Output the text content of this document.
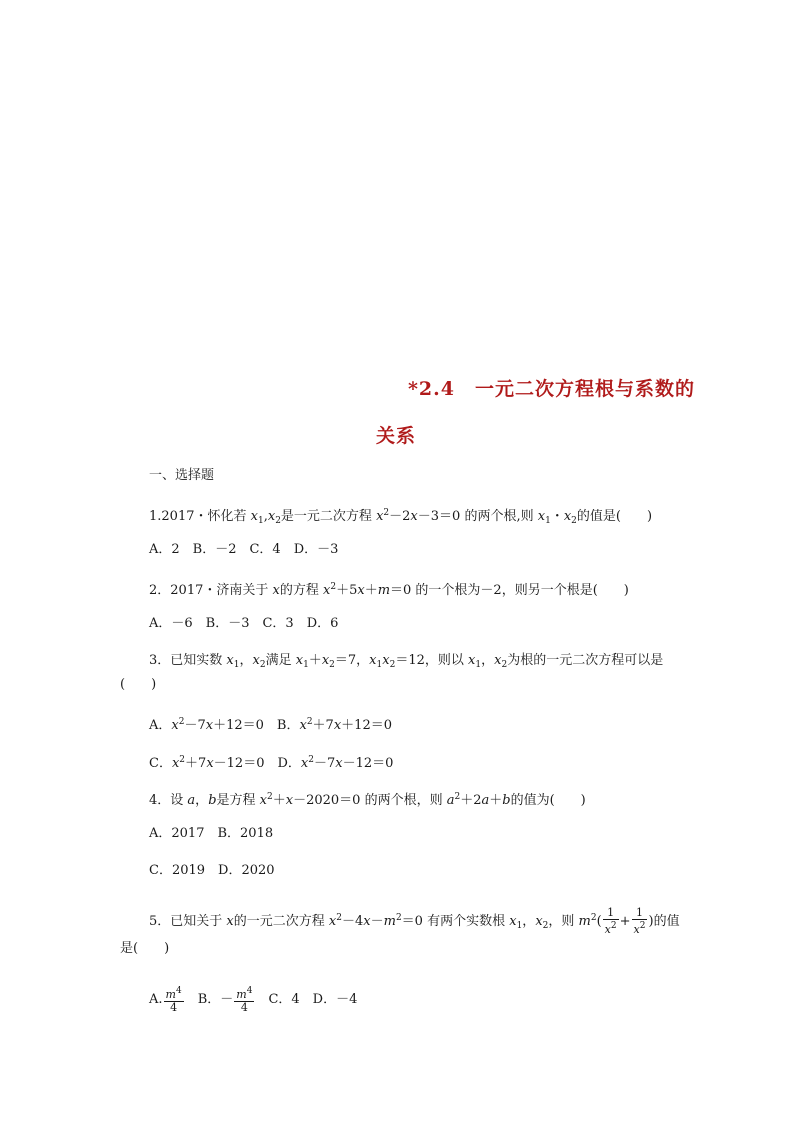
*2.4　一元二次方程根与系数的
关系
一、选择题
1.2017・怀化若 $x_1,x_2$是一元二次方程 $x^2-2x-3=0$ 的两个根,则 $x_1$・$x_2$的值是(　　)
A．2　B．－2　C．4　D．－3
2．2017・济南关于 x的方程 $x^2+5x+m=0$ 的一个根为－2，则另一个根是(　　)
A．－6　B．－3　C．3　D．6
3．已知实数 $x_1$，$x_2$满足 $x_1+x_2=7$，$x_1x_2=12$，则以 $x_1$，$x_2$为根的一元二次方程可以是
(　　)
A．$x^2-7x+12=0$　B．$x^2+7x+12=0$
C．$x^2+7x-12=0$　D．$x^2-7x-12=0$
4．设 a，b是方程 $x^2+x-2020=0$ 的两个根，则 $a^2+2a+b$的值为(　　)
A．2017　B．2018
C．2019　D．2020
5．已知关于 x的一元二次方程 $x^2-4x-m^2=0$ 有两个实数根 $x_1$，$x_2$，则 $m^2( \frac{1}{x^2} + \frac{1}{x^2}$ )的值
是(　　)
A. $\frac{m^4}{4}$ 　B．－ $\frac{m^4}{4}$ 　C．4　D．－4
